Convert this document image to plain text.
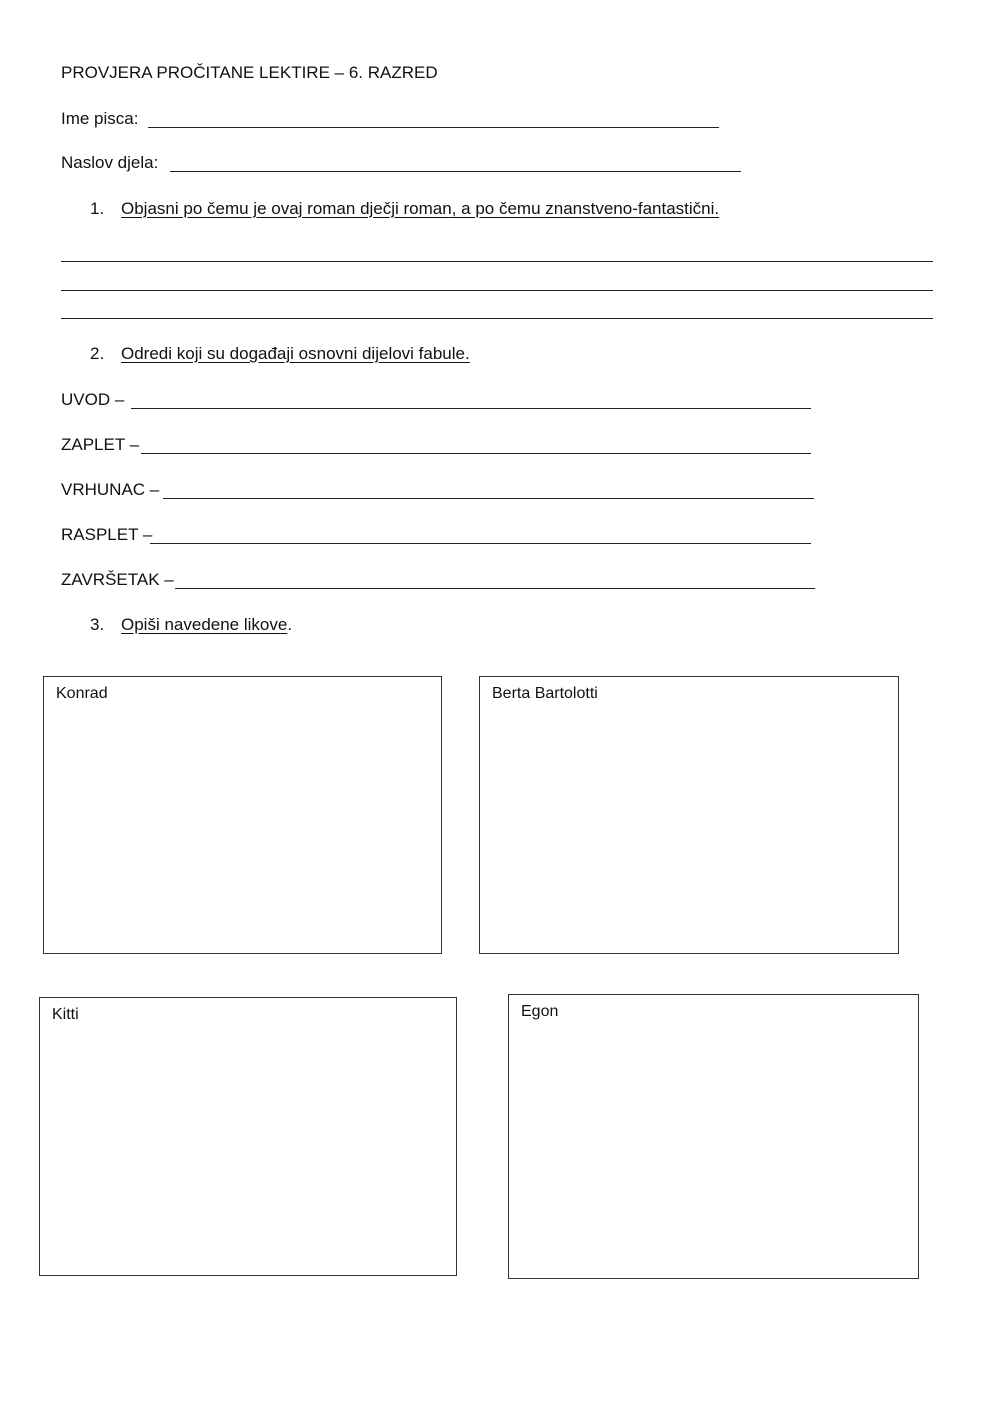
PROVJERA PROČITANE LEKTIRE – 6. RAZRED
Ime pisca:
Naslov djela:
1. Objasni po čemu je ovaj roman dječji roman, a po čemu znanstveno-fantastični.
2. Odredi koji su događaji osnovni dijelovi fabule.
UVOD –
ZAPLET –
VRHUNAC –
RASPLET –
ZAVRŠETAK –
3. Opiši navedene likove.
Konrad	Berta Bartolotti
Kitti	Egon
